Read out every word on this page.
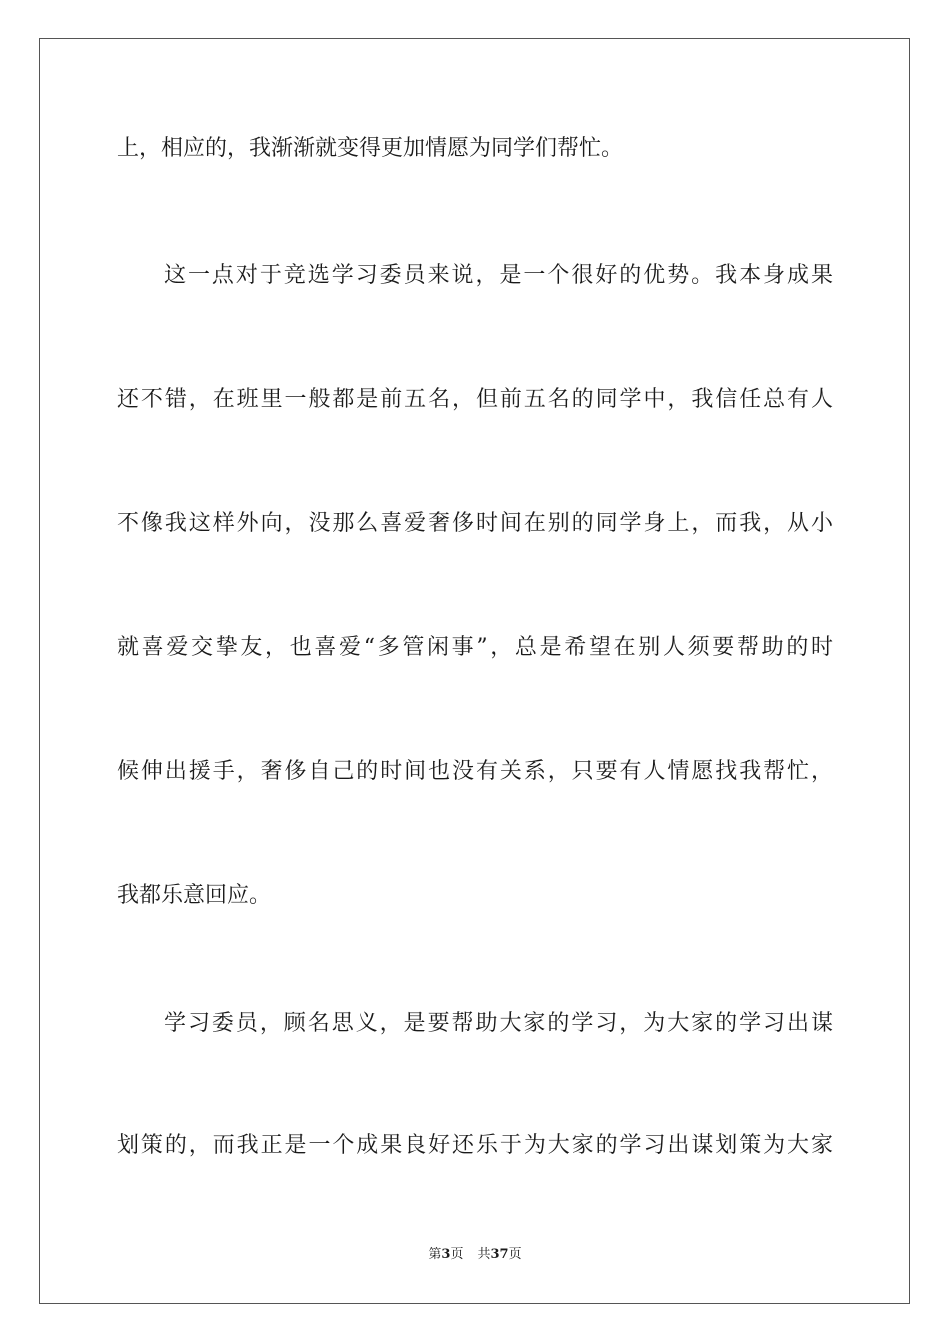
上，相应的，我渐渐就变得更加情愿为同学们帮忙。

这一点对于竞选学习委员来说，是一个很好的优势。我本身成果

还不错，在班里一般都是前五名，但前五名的同学中，我信任总有人

不像我这样外向，没那么喜爱奢侈时间在别的同学身上，而我，从小

就喜爱交挚友，也喜爱“多管闲事”，总是希望在别人须要帮助的时

候伸出援手，奢侈自己的时间也没有关系，只要有人情愿找我帮忙，

我都乐意回应。

学习委员，顾名思义，是要帮助大家的学习，为大家的学习出谋

划策的，而我正是一个成果良好还乐于为大家的学习出谋划策为大家

第3页 共37页
